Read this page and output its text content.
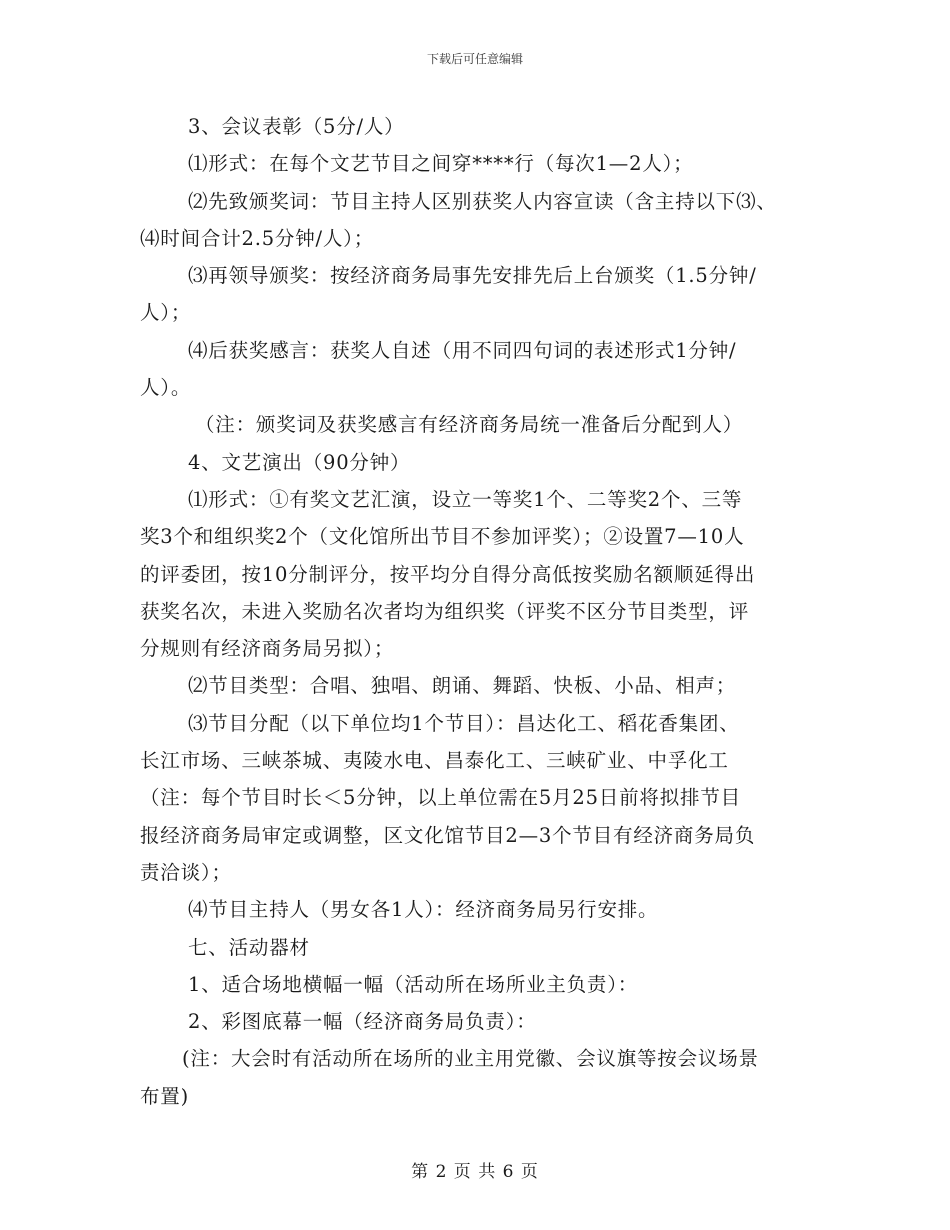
下载后可任意编辑
3、会议表彰（5分/人）
⑴形式：在每个文艺节目之间穿****行（每次1—2人）；
⑵先致颁奖词：节目主持人区别获奖人内容宣读（含主持以下⑶、
⑷时间合计2.5分钟/人）；
⑶再领导颁奖：按经济商务局事先安排先后上台颁奖（1.5分钟/
人）；
⑷后获奖感言：获奖人自述（用不同四句词的表述形式1分钟/
人）。
（注：颁奖词及获奖感言有经济商务局统一准备后分配到人）
4、文艺演出（90分钟）
⑴形式：①有奖文艺汇演，设立一等奖1个、二等奖2个、三等
奖3个和组织奖2个（文化馆所出节目不参加评奖）；②设置7—10人
的评委团，按10分制评分，按平均分自得分高低按奖励名额顺延得出
获奖名次，未进入奖励名次者均为组织奖（评奖不区分节目类型，评
分规则有经济商务局另拟）；
⑵节目类型：合唱、独唱、朗诵、舞蹈、快板、小品、相声；
⑶节目分配（以下单位均1个节目）：昌达化工、稻花香集团、
长江市场、三峡茶城、夷陵水电、昌泰化工、三峡矿业、中孚化工
（注：每个节目时长＜5分钟，以上单位需在5月25日前将拟排节目
报经济商务局审定或调整，区文化馆节目2—3个节目有经济商务局负
责洽谈）；
⑷节目主持人（男女各1人）：经济商务局另行安排。
七、活动器材
1、适合场地横幅一幅（活动所在场所业主负责）：
2、彩图底幕一幅（经济商务局负责）：
(注：大会时有活动所在场所的业主用党徽、会议旗等按会议场景
布置)
第 2 页 共 6 页
